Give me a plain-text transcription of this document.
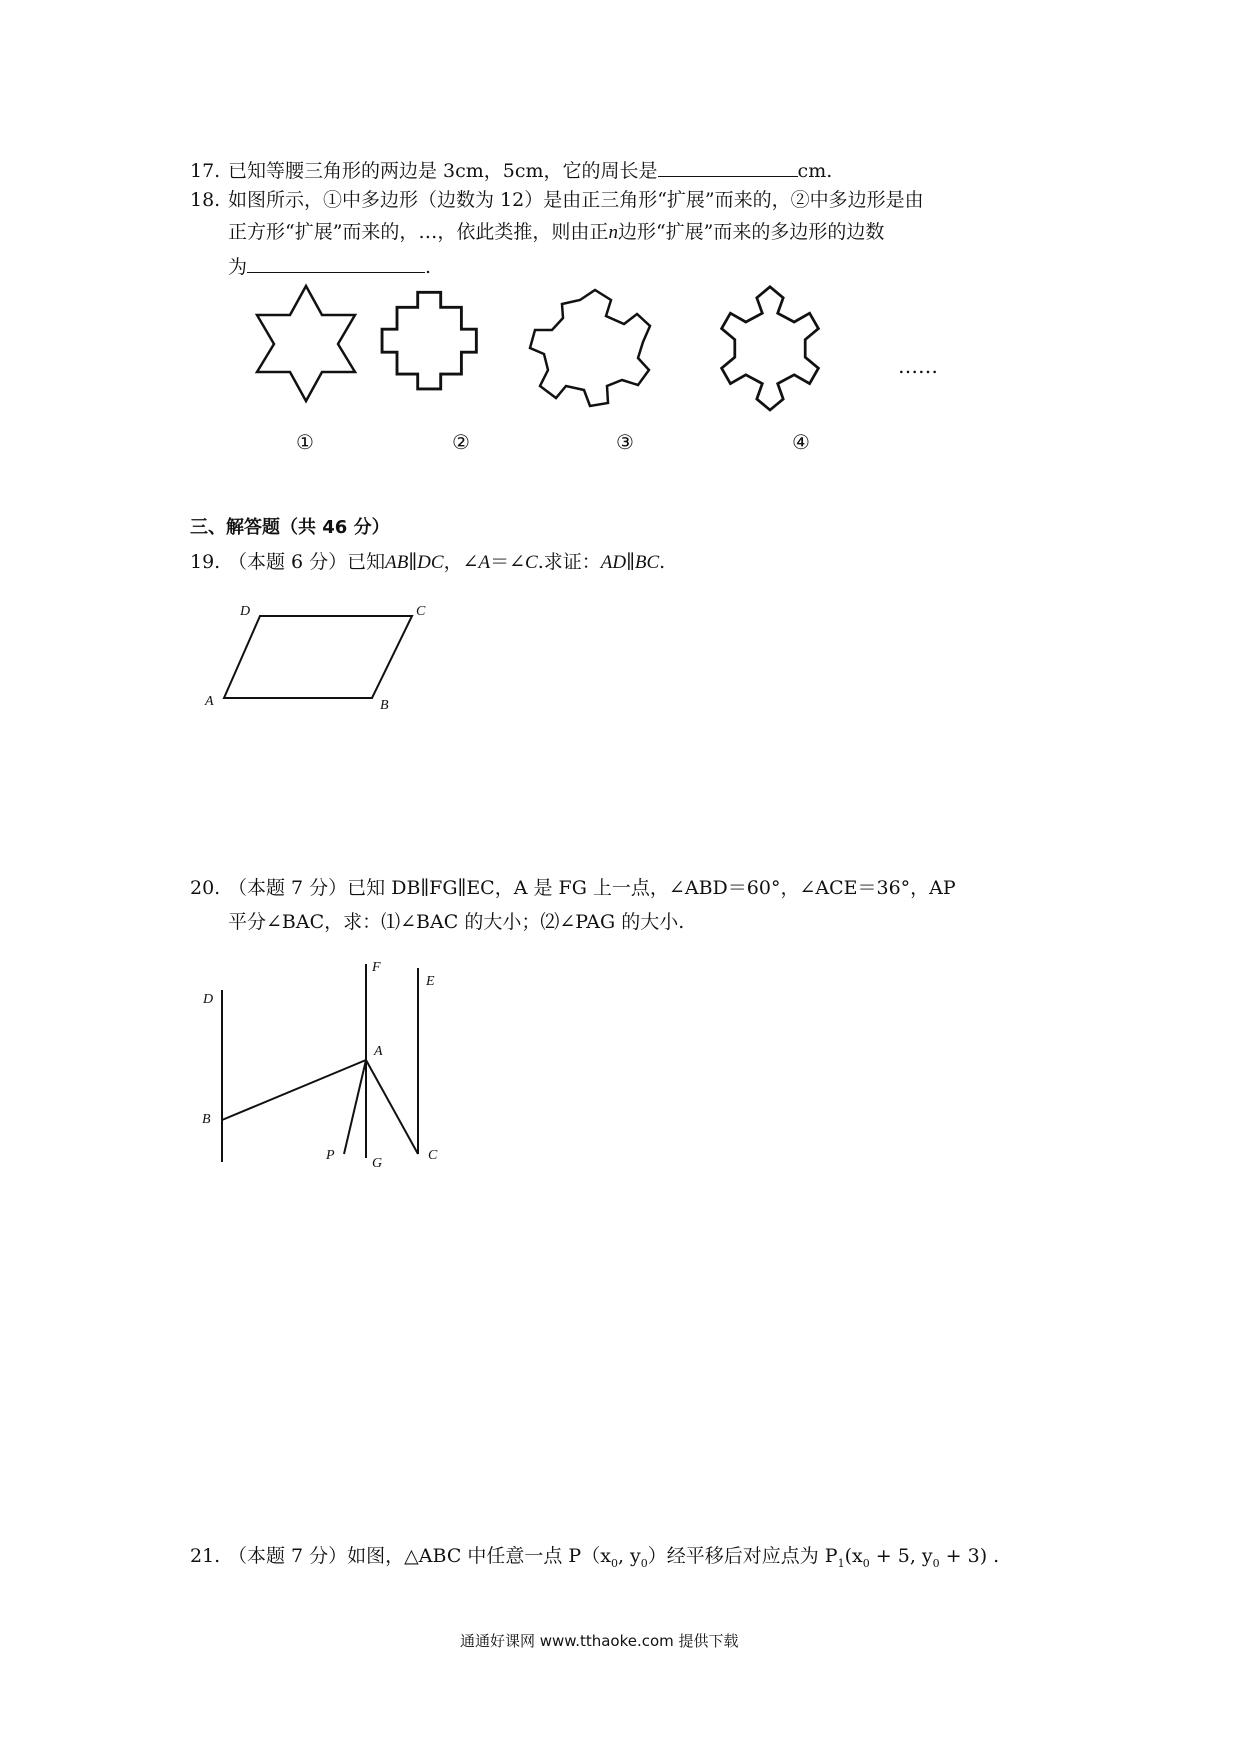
17. 已知等腰三角形的两边是 3cm，5cm，它的周长是	cm.
18. 如图所示，①中多边形（边数为 12）是由正三角形“扩展”而来的，②中多边形是由
正方形“扩展”而来的，…，依此类推，则由正n边形“扩展”而来的多边形的边数
为	.
……
①	②	③	④
三、解答题（共 46 分）
19. （本题 6 分）已知AB∥DC，∠A＝∠C.求证：AD∥BC.
D	C
A	B
20. （本题 7 分）已知 DB∥FG∥EC，A 是 FG 上一点，∠ABD＝60°，∠ACE＝36°，AP
平分∠BAC，求：⑴∠BAC 的大小；⑵∠PAG 的大小.
F
E
D
A
B
P
G
C
21. （本题 7 分）如图，△ABC 中任意一点 $P(x_0$, $y_0$）经平移后对应点为 $P_1(x_0 + 5$, $y_0 + 3$) .
通通好课网 www.tthaoke.com 提供下载
